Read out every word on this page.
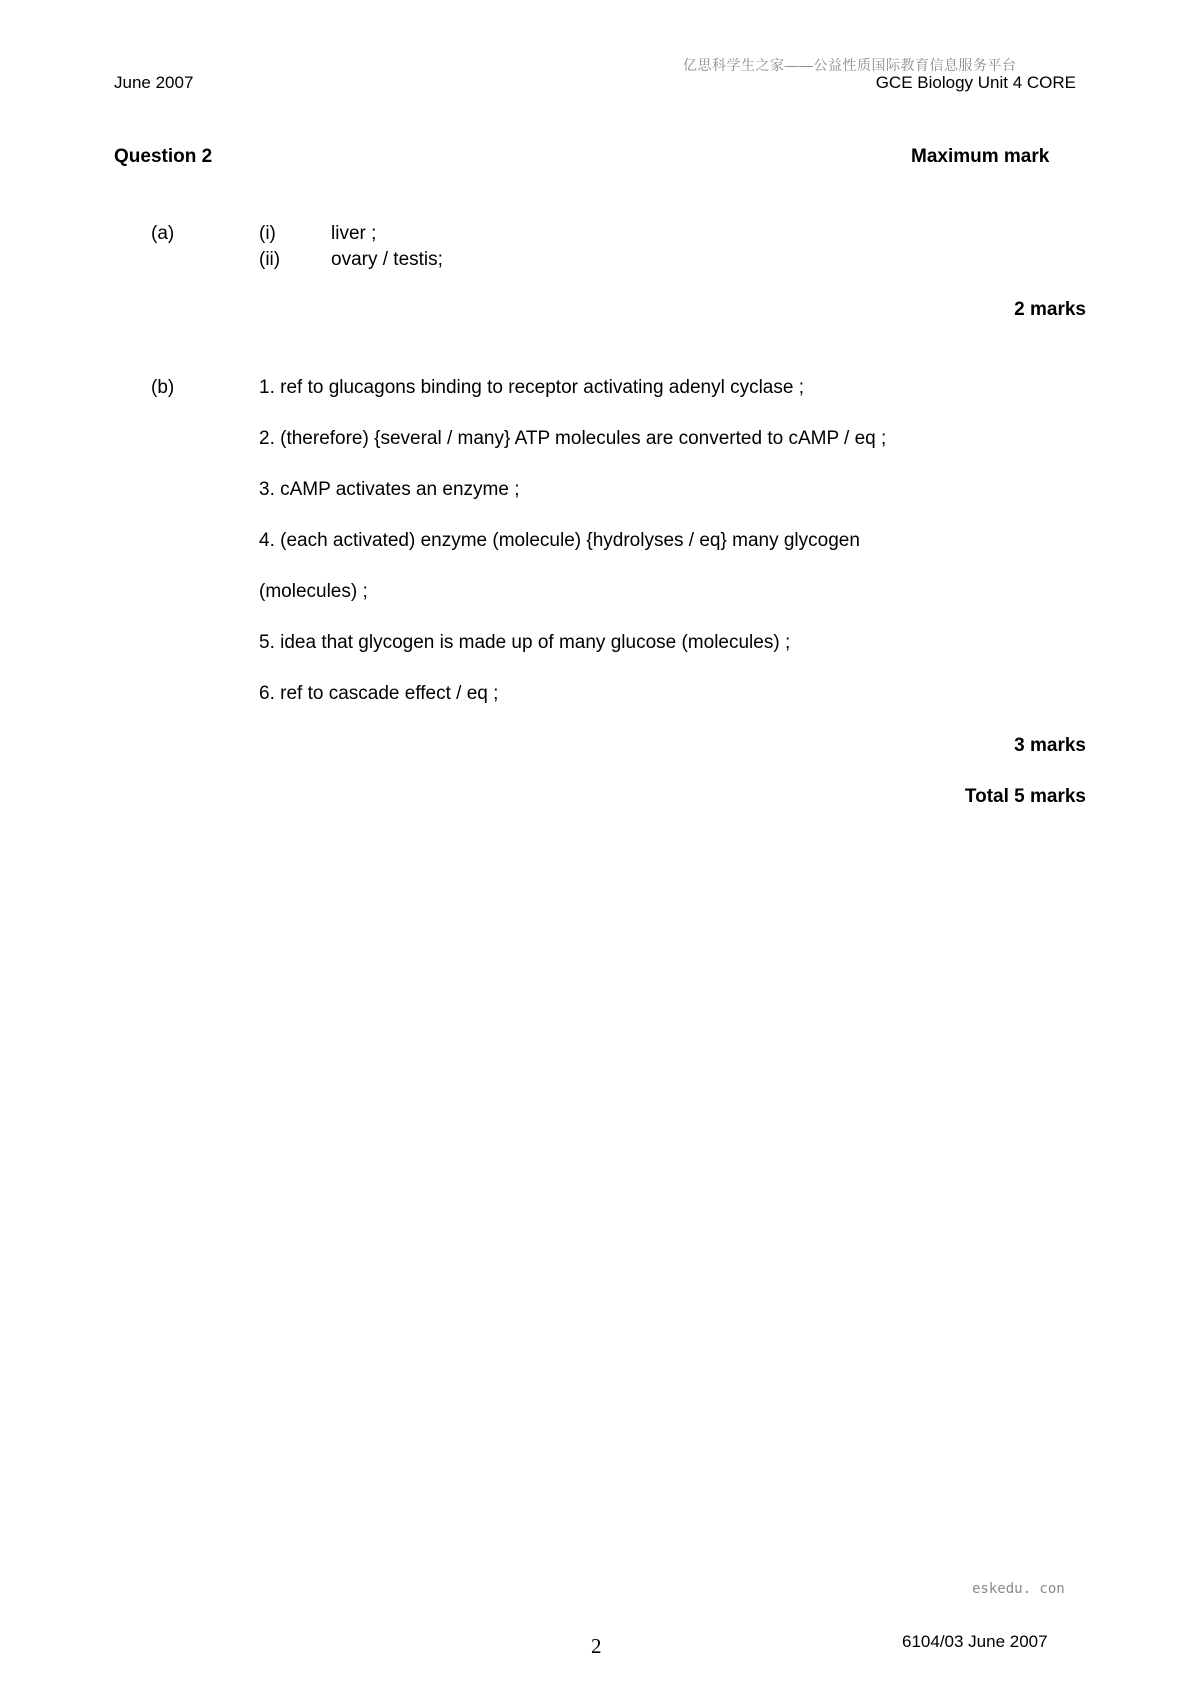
亿思科学生之家——公益性质国际教育信息服务平台
June 2007	GCE Biology Unit 4 CORE
Question 2	Maximum mark
(a)	(i)	liver ;
(ii)	ovary / testis;
2 marks
(b)	1. ref to glucagons binding to receptor activating adenyl cyclase ;
2. (therefore) {several / many} ATP molecules are converted to cAMP / eq ;
3. cAMP activates an enzyme ;
4. (each activated) enzyme (molecule) {hydrolyses / eq} many glycogen
(molecules) ;
5. idea that glycogen is made up of many glucose (molecules) ;
6. ref to cascade effect / eq ;
3 marks
Total 5 marks
eskedu. con
2	6104/03 June 2007
